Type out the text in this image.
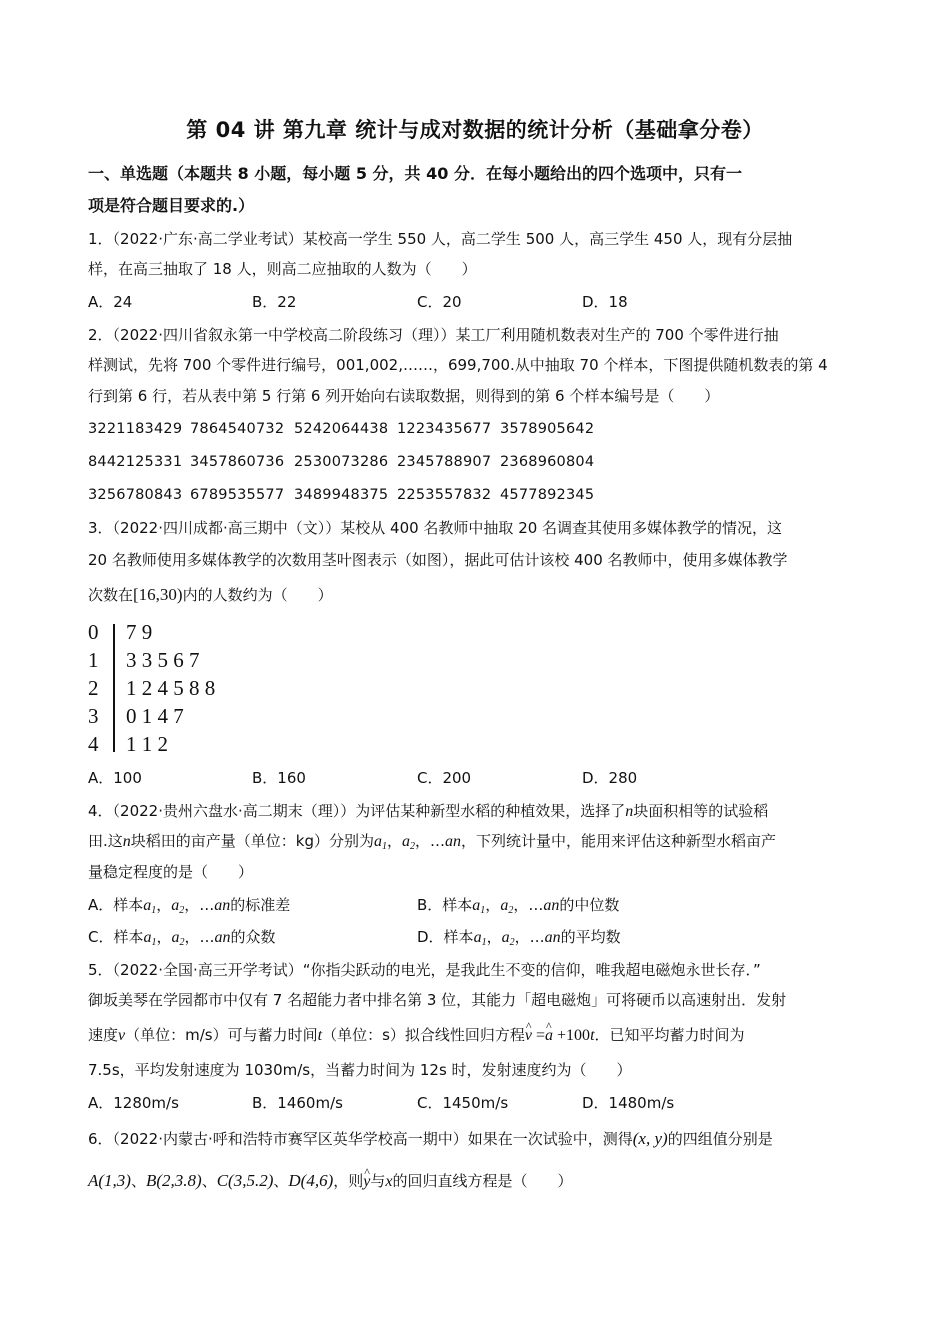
第 04 讲 第九章 统计与成对数据的统计分析（基础拿分卷）
一、单选题（本题共 8 小题，每小题 5 分，共 40 分．在每小题给出的四个选项中，只有一
项是符合题目要求的.）
1．（2022·广东·高二学业考试）某校高一学生 550 人，高二学生 500 人，高三学生 450 人，现有分层抽
样，在高三抽取了 18 人，则高二应抽取的人数为（　　）
A．24	B．22	C．20	D．18
2．（2022·四川省叙永第一中学校高二阶段练习（理））某工厂利用随机数表对生产的 700 个零件进行抽
样测试，先将 700 个零件进行编号，001,002,……，699,700.从中抽取 70 个样本，下图提供随机数表的第 4
行到第 6 行，若从表中第 5 行第 6 列开始向右读取数据，则得到的第 6 个样本编号是（　　）
3221183429 7864540732 5242064438 1223435677 3578905642
8442125331 3457860736 2530073286 2345788907 2368960804
3256780843 6789535577 3489948375 2253557832 4577892345
3．（2022·四川成都·高三期中（文））某校从 400 名教师中抽取 20 名调查其使用多媒体教学的情况，这
20 名教师使用多媒体教学的次数用茎叶图表示（如图），据此可估计该校 400 名教师中，使用多媒体教学
次数在[16,30)内的人数约为（　　）
0 7 9
1 3 3 5 6 7
2 1 2 4 5 8 8
3 0 1 4 7
4 1 1 2
A．100	B．160	C．200	D．280
4．（2022·贵州六盘水·高二期末（理））为评估某种新型水稻的种植效果，选择了n块面积相等的试验稻
田.这n块稻田的亩产量（单位：kg）分别为$a_1$，$a_2$，…an，下列统计量中，能用来评估这种新型水稻亩产
量稳定程度的是（　　）
A．样本$a_1$，$a_2$，…an的标准差	B．样本$a_1$，$a_2$，…an的中位数
C．样本$a_1$，$a_2$，…an的众数	D．样本$a_1$，$a_2$，…an的平均数
5．（2022·全国·高三开学考试）“你指尖跃动的电光，是我此生不变的信仰，唯我超电磁炮永世长存．”
御坂美琴在学园都市中仅有 7 名超能力者中排名第 3 位，其能力「超电磁炮」可将硬币以高速射出．发射
速度v（单位：m/s）可与蓄力时间t（单位：s）拟合线性回归方程^ v =^ a +100t．已知平均蓄力时间为
7.5s，平均发射速度为 1030m/s，当蓄力时间为 12s 时，发射速度约为（　　）
A．1280m/s	B．1460m/s	C．1450m/s	D．1480m/s
6．（2022·内蒙古·呼和浩特市赛罕区英华学校高一期中）如果在一次试验中，测得(x, y)的四组值分别是
A(1,3)、B(2,3.8)、C(3,5.2)、D(4,6)，则^ y与x的回归直线方程是（　　）
